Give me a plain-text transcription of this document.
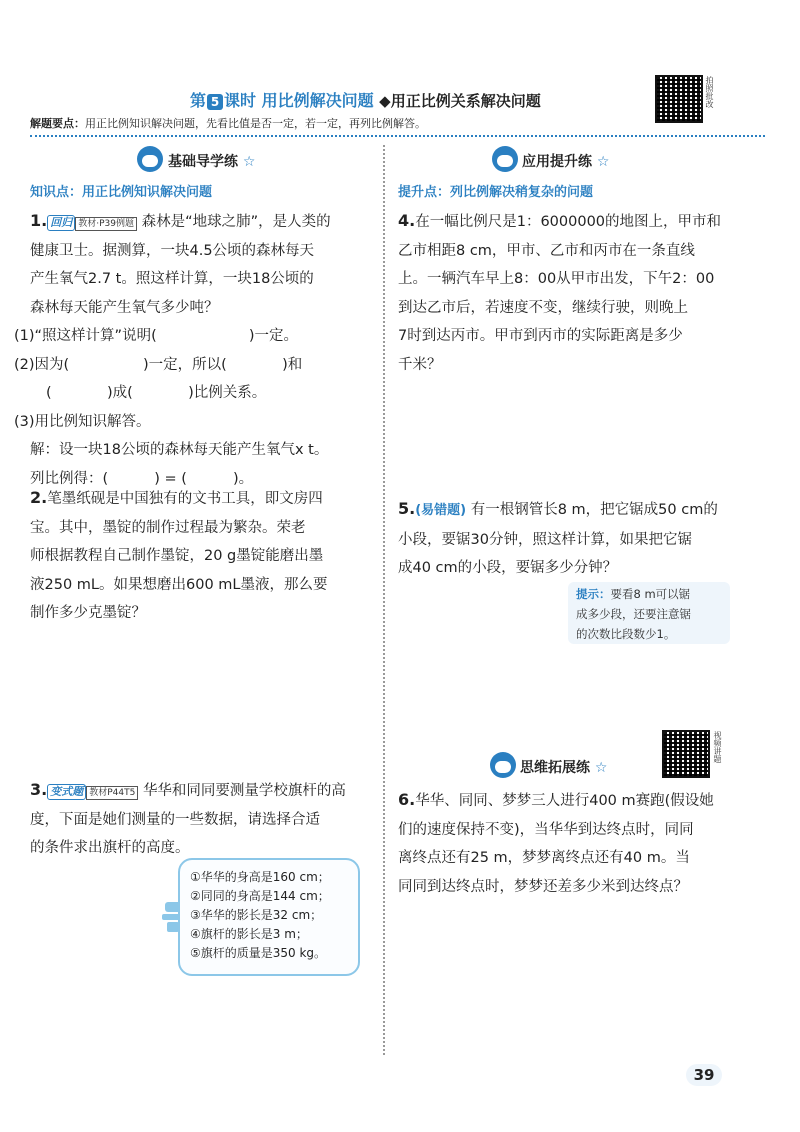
第 5 课时 用比例解决问题 ◆用正比例关系解决问题	拍照批改
解题要点：用正比例知识解决问题，先看比值是否一定，若一定，再列比例解答。
基础导学练 ☆
知识点：用正比例知识解决问题
1. 回归 教材·P39例题 森林是“地球之肺”，是人类的
健康卫士。据测算，一块4.5公顷的森林每天
产生氧气2.7 t。照这样计算，一块18公顷的
森林每天能产生氧气多少吨？
(1)“照这样计算”说明(                    )一定。
(2)因为(                )一定，所以(            )和
(            )成(            )比例关系。
(3)用比例知识解答。
解：设一块18公顷的森林每天能产生氧气x t。
列比例得：(          ) = (          )。
2.笔墨纸砚是中国独有的文书工具，即文房四
宝。其中，墨锭的制作过程最为繁杂。荣老
师根据教程自己制作墨锭，20 g墨锭能磨出墨
液250 mL。如果想磨出600 mL墨液，那么要
制作多少克墨锭？
3. 变式题 教材P44T5 华华和同同要测量学校旗杆的高
度，下面是她们测量的一些数据，请选择合适
的条件求出旗杆的高度。
①华华的身高是160 cm；
②同同的身高是144 cm；
③华华的影长是32 cm；
④旗杆的影长是3 m；
⑤旗杆的质量是350 kg。
应用提升练 ☆
提升点：列比例解决稍复杂的问题
4.在一幅比例尺是1：6000000的地图上，甲市和
乙市相距8 cm，甲市、乙市和丙市在一条直线
上。一辆汽车早上8：00从甲市出发，下午2：00
到达乙市后，若速度不变，继续行驶，则晚上
7时到达丙市。甲市到丙市的实际距离是多少
千米？
5.(易错题) 有一根钢管长8 m，把它锯成50 cm的
小段，要锯30分钟，照这样计算，如果把它锯
成40 cm的小段，要锯多少分钟？
提示：要看8 m可以锯
成多少段，还要注意锯
的次数比段数少1。
思维拓展练 ☆
视频讲题
6.华华、同同、梦梦三人进行400 m赛跑(假设她
们的速度保持不变)，当华华到达终点时，同同
离终点还有25 m，梦梦离终点还有40 m。当
同同到达终点时，梦梦还差多少米到达终点？
39
